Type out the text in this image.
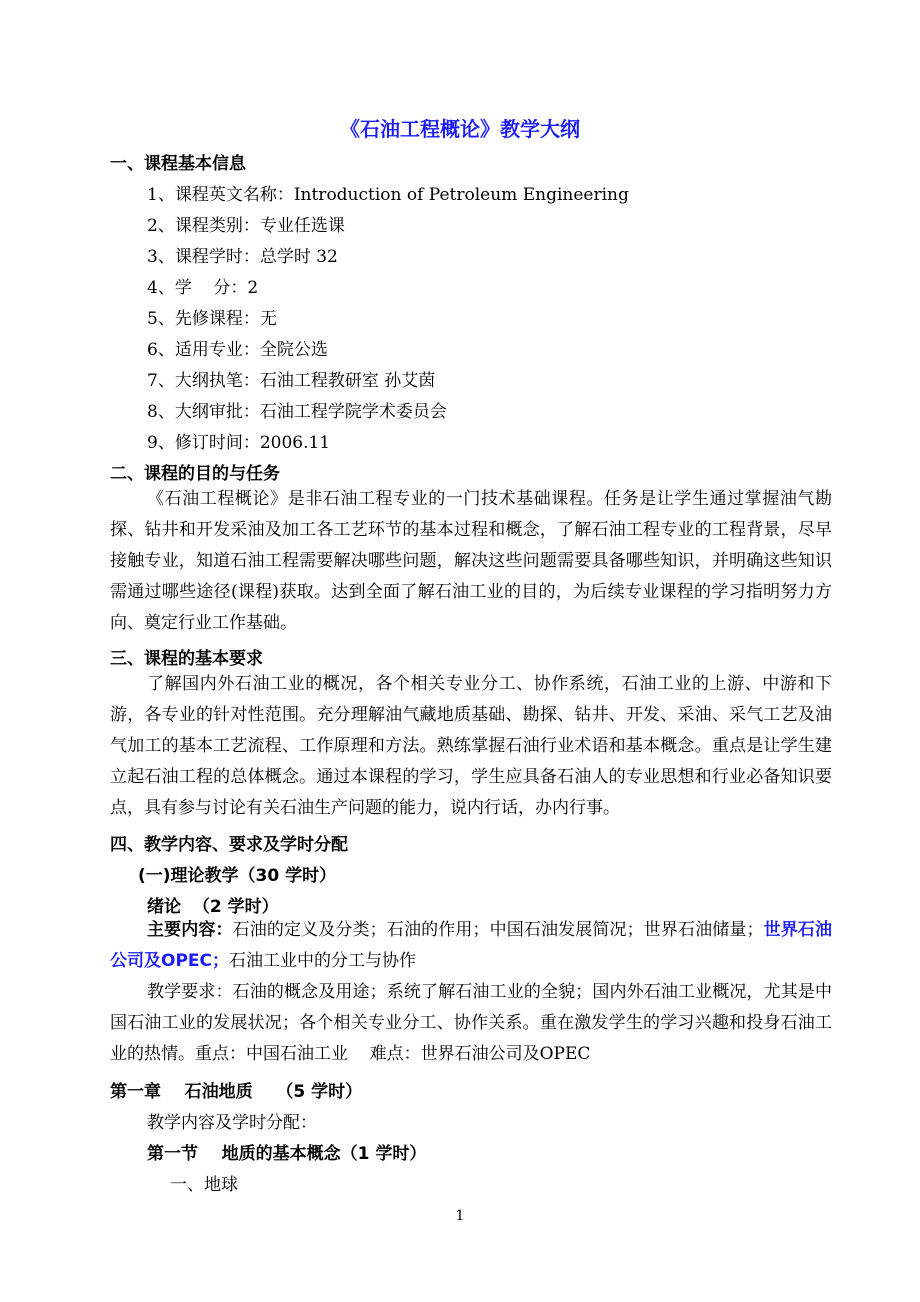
《石油工程概论》教学大纲
一、课程基本信息
1、课程英文名称：Introduction of Petroleum Engineering
2、课程类别：专业任选课
3、课程学时：总学时 32
4、学    分：2
5、先修课程：无
6、适用专业：全院公选
7、大纲执笔：石油工程教研室 孙艾茵
8、大纲审批：石油工程学院学术委员会
9、修订时间：2006.11
二、课程的目的与任务
《石油工程概论》是非石油工程专业的一门技术基础课程。任务是让学生通过掌握油气勘探、钻井和开发采油及加工各工艺环节的基本过程和概念，了解石油工程专业的工程背景，尽早接触专业，知道石油工程需要解决哪些问题，解决这些问题需要具备哪些知识，并明确这些知识需通过哪些途径(课程)获取。达到全面了解石油工业的目的，为后续专业课程的学习指明努力方向、奠定行业工作基础。
三、课程的基本要求
了解国内外石油工业的概况，各个相关专业分工、协作系统，石油工业的上游、中游和下游，各专业的针对性范围。充分理解油气藏地质基础、勘探、钻井、开发、采油、采气工艺及油气加工的基本工艺流程、工作原理和方法。熟练掌握石油行业术语和基本概念。重点是让学生建立起石油工程的总体概念。通过本课程的学习，学生应具备石油人的专业思想和行业必备知识要点，具有参与讨论有关石油生产问题的能力，说内行话，办内行事。
四、教学内容、要求及学时分配
(一)理论教学（30 学时）
绪论  （2 学时）
主要内容：石油的定义及分类；石油的作用；中国石油发展简况；世界石油储量；世界石油公司及OPEC；石油工业中的分工与协作
教学要求：石油的概念及用途；系统了解石油工业的全貌；国内外石油工业概况，尤其是中国石油工业的发展状况；各个相关专业分工、协作关系。重在激发学生的学习兴趣和投身石油工业的热情。重点：中国石油工业    难点：世界石油公司及OPEC
第一章    石油地质    （5 学时）
教学内容及学时分配：
第一节    地质的基本概念（1 学时）
一、地球
1
